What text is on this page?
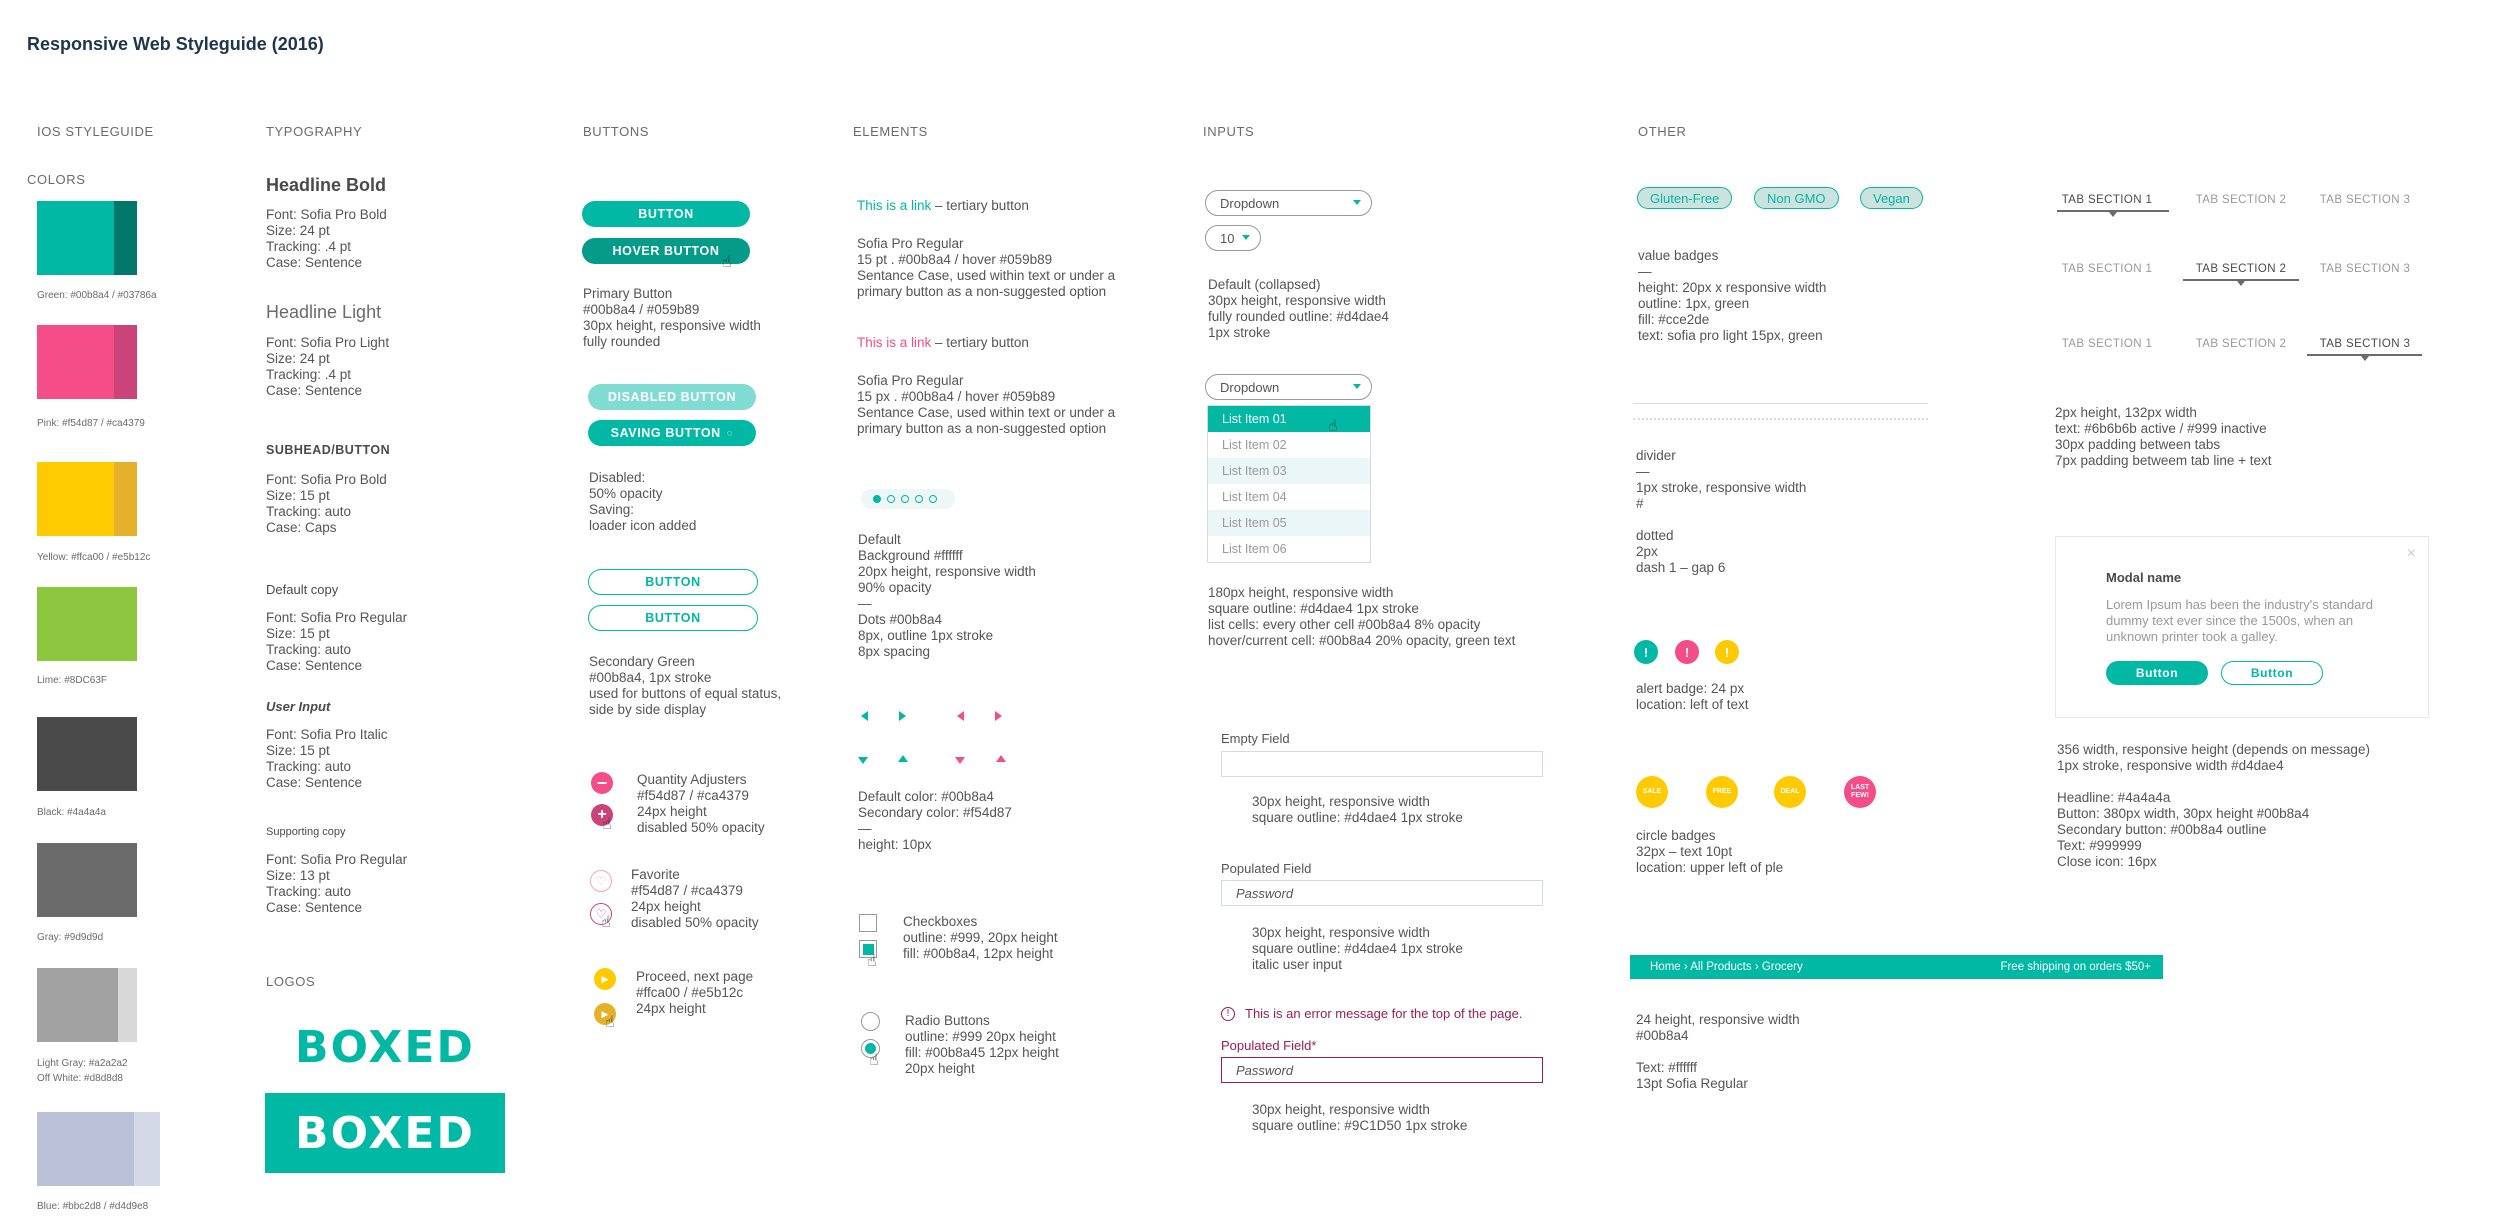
Responsive Web Styleguide (2016)
IOS STYLEGUIDE	TYPOGRAPHY	BUTTONS	ELEMENTS	INPUTS	OTHER
COLORS
Green: #00b8a4 / #03786a
Pink: #f54d87 / #ca4379
Yellow: #ffca00 / #e5b12c
Lime: #8DC63F
Black: #4a4a4a
Gray: #9d9d9d
Light Gray: #a2a2a2
Off White: #d8d8d8
Blue: #bbc2d8 / #d4d9e8
Headline Bold
Font: Sofia Pro Bold
Size: 24 pt
Tracking: .4 pt
Case: Sentence
Headline Light
Font: Sofia Pro Light
Size: 24 pt
Tracking: .4 pt
Case: Sentence
SUBHEAD/BUTTON
Font: Sofia Pro Bold
Size: 15 pt
Tracking: auto
Case: Caps
Default copy
Font: Sofia Pro Regular
Size: 15 pt
Tracking: auto
Case: Sentence
User Input
Font: Sofia Pro Italic
Size: 15 pt
Tracking: auto
Case: Sentence
Supporting copy
Font: Sofia Pro Regular
Size: 13 pt
Tracking: auto
Case: Sentence
LOGOS
BOXED
BOXED
BUTTON
HOVER BUTTON
☝
Primary Button
#00b8a4 / #059b89
30px height, responsive width
fully rounded
DISABLED BUTTON
SAVING BUTTON ◌
Disabled:
50% opacity
Saving:
loader icon added
BUTTON
BUTTON
Secondary Green
#00b8a4, 1px stroke
used for buttons of equal status,
side by side display
−
+
☝
Quantity Adjusters
#f54d87 / #ca4379
24px height
disabled 50% opacity
♡
♡
☝
Favorite
#f54d87 / #ca4379
24px height
disabled 50% opacity
▶
▶
☝
Proceed, next page
#ffca00 / #e5b12c
24px height
This is a link – tertiary button
Sofia Pro Regular
15 pt . #00b8a4 / hover #059b89
Sentance Case, used within text or under a
primary button as a non-suggested option
This is a link – tertiary button
Sofia Pro Regular
15 px . #00b8a4 / hover #059b89
Sentance Case, used within text or under a
primary button as a non-suggested option
Default
Background #ffffff
20px height, responsive width
90% opacity
—
Dots #00b8a4
8px, outline 1px stroke
8px spacing
Default color: #00b8a4
Secondary color: #f54d87
—
height: 10px
☝
Checkboxes
outline: #999, 20px height
fill: #00b8a4, 12px height
☝
Radio Buttons
outline: #999 20px height
fill: #00b8a45 12px height
20px height
Dropdown
10
Default (collapsed)
30px height, responsive width
fully rounded outline: #d4dae4
1px stroke
Dropdown
List Item 01
List Item 02
List Item 03
List Item 04
List Item 05
List Item 06
☝
180px height, responsive width
square outline: #d4dae4 1px stroke
list cells: every other cell #00b8a4 8% opacity
hover/current cell: #00b8a4 20% opacity, green text
Empty Field
30px height, responsive width
square outline: #d4dae4 1px stroke
Populated Field
Password
30px height, responsive width
square outline: #d4dae4 1px stroke
italic user input
!	This is an error message for the top of the page.
Populated Field*
Password
30px height, responsive width
square outline: #9C1D50 1px stroke
Gluten-Free	Non GMO	Vegan
value badges
—
height: 20px x responsive width
outline: 1px, green
fill: #cce2de
text: sofia pro light 15px, green
divider
—
1px stroke, responsive width
#

dotted
2px
dash 1 – gap 6
!	!	!
alert badge: 24 px
location: left of text
SALE	FREE	DEAL
LAST
FEW!
circle badges
32px – text 10pt
location: upper left of ple
Home › All Products › Grocery	Free shipping on orders $50+
24 height, responsive width
#00b8a4

Text: #ffffff
13pt Sofia Regular
TAB SECTION 1	TAB SECTION 2	TAB SECTION 3
TAB SECTION 1	TAB SECTION 2	TAB SECTION 3
TAB SECTION 1	TAB SECTION 2	TAB SECTION 3
2px height, 132px width
text: #6b6b6b active / #999 inactive
30px padding between tabs
7px padding betweem tab line + text
×
Modal name
Lorem Ipsum has been the industry's standard dummy text ever since the 1500s, when an unknown printer took a galley.
Button	Button
356 width, responsive height (depends on message)
1px stroke, responsive width #d4dae4

Headline: #4a4a4a
Button: 380px width, 30px height #00b8a4
Secondary button: #00b8a4 outline
Text: #999999
Close icon: 16px
